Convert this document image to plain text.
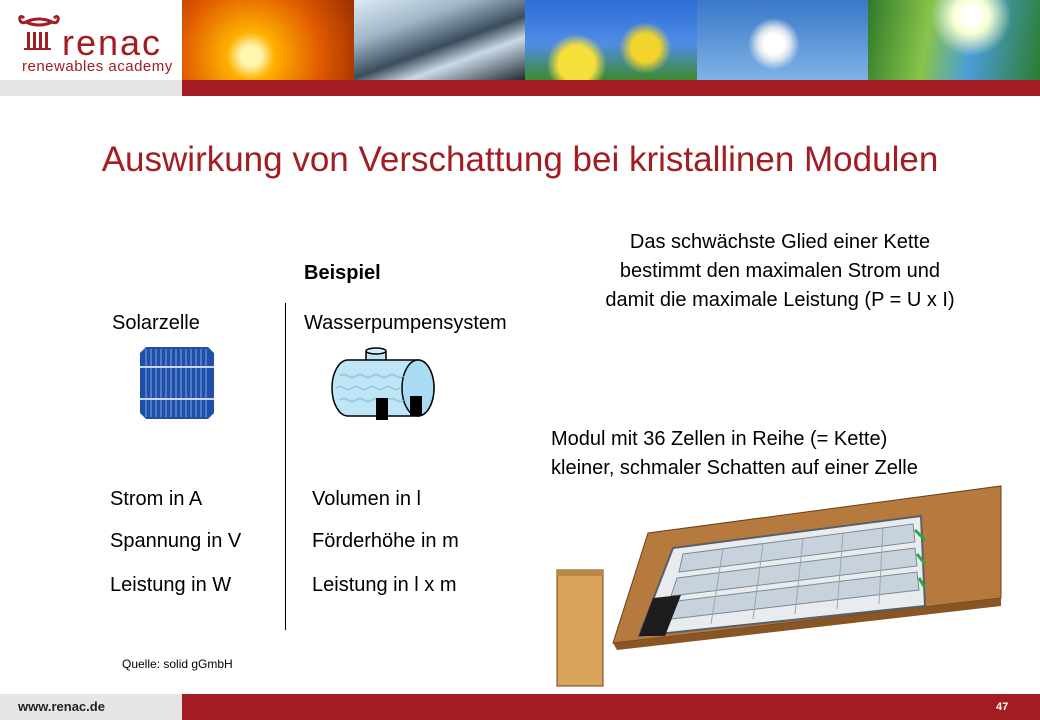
renac
renewables academy
Auswirkung von Verschattung bei kristallinen Modulen
Beispiel
Solarzelle	Wasserpumpensystem
Strom in A
Spannung in V
Leistung in W
Volumen in l
Förderhöhe in m
Leistung in l x m
Quelle: solid gGmbH
Das schwächste Glied einer Kette
bestimmt den maximalen Strom und
damit die maximale Leistung (P = U x I)
Modul mit 36 Zellen in Reihe (= Kette)
kleiner, schmaler Schatten auf einer Zelle
www.renac.de	47
